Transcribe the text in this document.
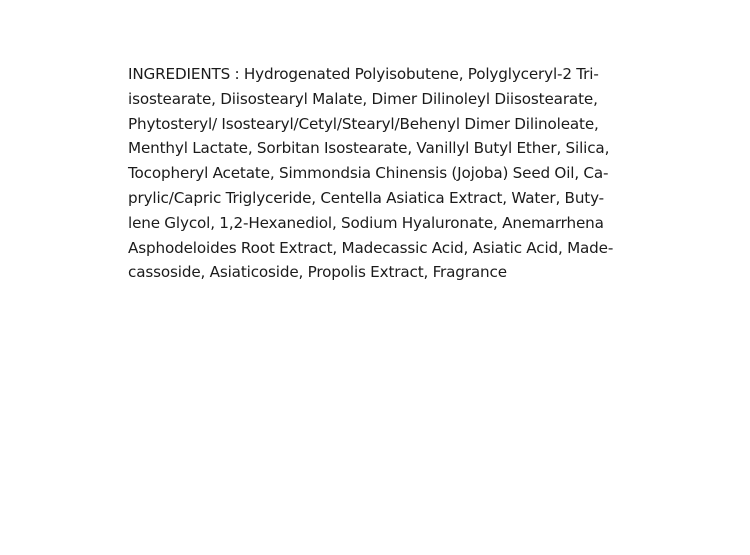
INGREDIENTS : Hydrogenated Polyisobutene, Polyglyceryl-2 Tri-
isostearate, Diisostearyl Malate, Dimer Dilinoleyl Diisostearate,
Phytosteryl/ Isostearyl/Cetyl/Stearyl/Behenyl Dimer Dilinoleate,
Menthyl Lactate, Sorbitan Isostearate, Vanillyl Butyl Ether, Silica,
Tocopheryl Acetate, Simmondsia Chinensis (Jojoba) Seed Oil, Ca-
prylic/Capric Triglyceride, Centella Asiatica Extract, Water, Buty-
lene Glycol, 1,2-Hexanediol, Sodium Hyaluronate, Anemarrhena
Asphodeloides Root Extract, Madecassic Acid, Asiatic Acid, Made-
cassoside, Asiaticoside, Propolis Extract, Fragrance
